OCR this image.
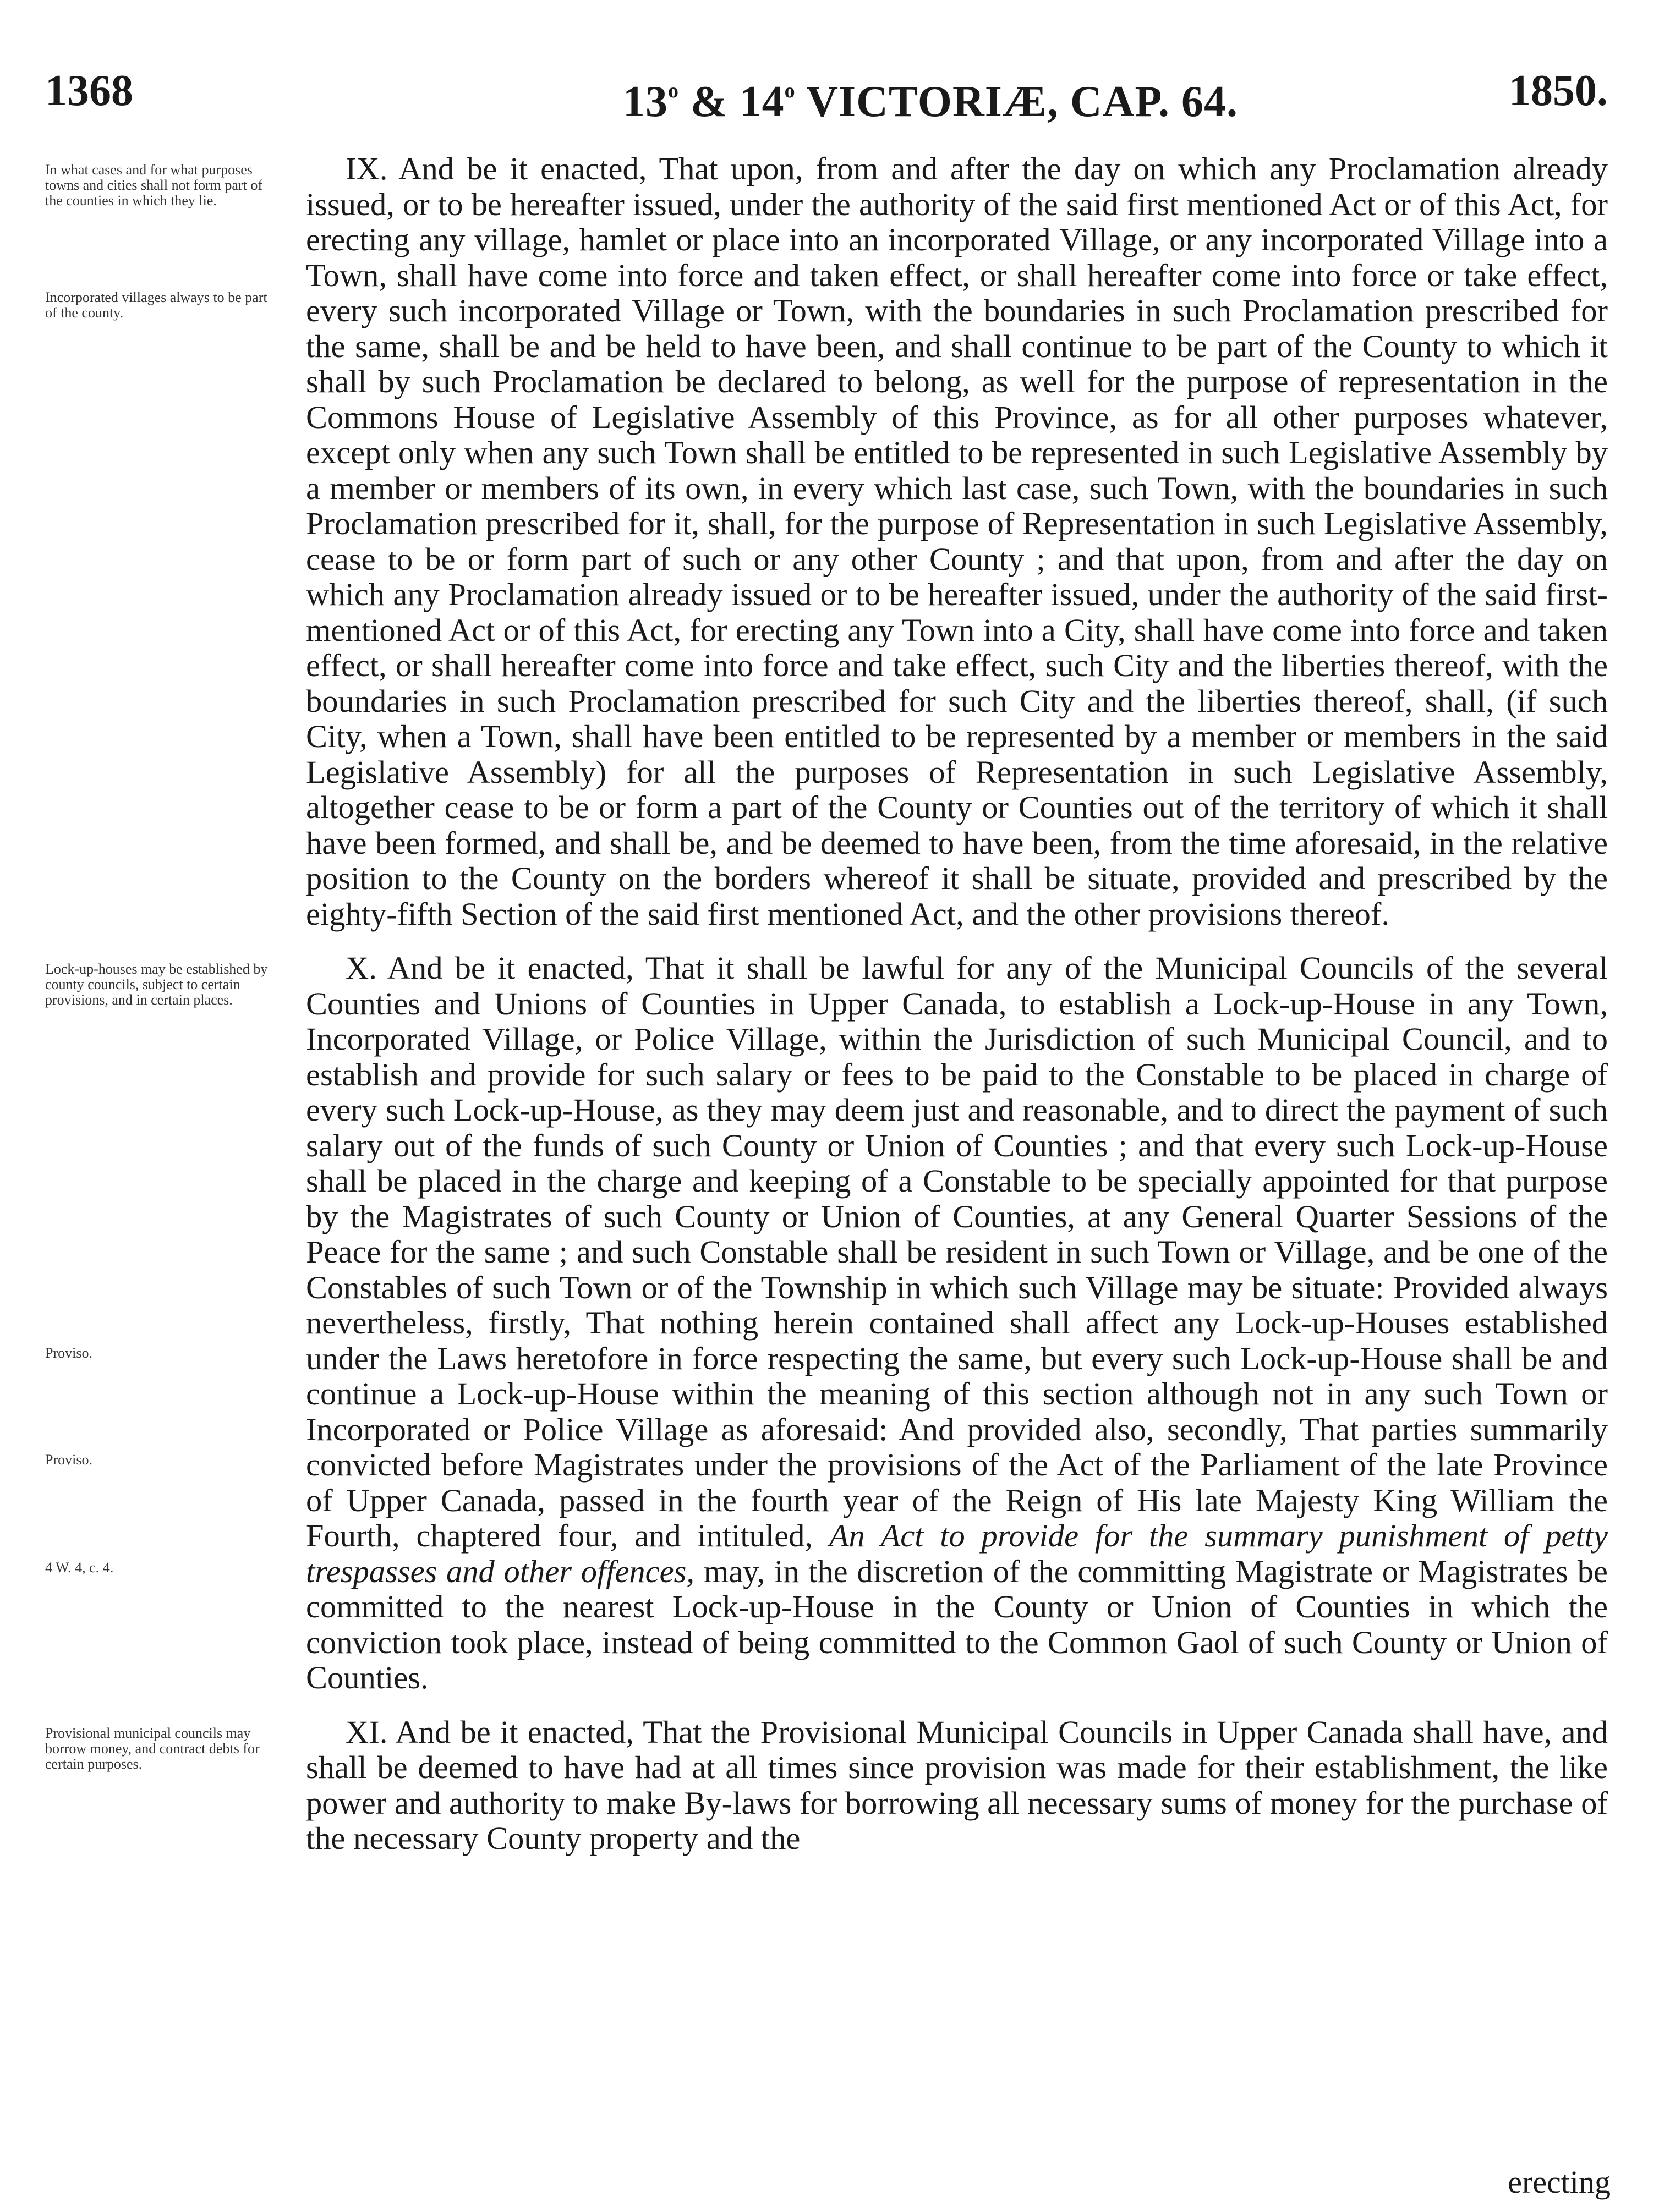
1368	13$^o$ & 14$^o$ VICTORIÆ, CAP. 64.	1850.
In what cases and for what purposes towns and cities shall not form part of the counties in which they lie.
Incorporated villages always to be part of the county.

IX. And be it enacted, That upon, from and after the day on which any Proclamation already issued, or to be hereafter issued, under the authority of the said first mentioned Act or of this Act, for erecting any village, hamlet or place into an incorporated Village, or any incorporated Village into a Town, shall have come into force and taken effect, or shall hereafter come into force or take effect, every such incorporated Village or Town, with the boundaries in such Proclamation prescribed for the same, shall be and be held to have been, and shall continue to be part of the County to which it shall by such Proclamation be declared to belong, as well for the purpose of representation in the Commons House of Legislative Assembly of this Province, as for all other purposes whatever, except only when any such Town shall be entitled to be represented in such Legislative Assembly by a member or members of its own, in every which last case, such Town, with the boundaries in such Proclamation prescribed for it, shall, for the purpose of Representation in such Legislative Assembly, cease to be or form part of such or any other County ; and that upon, from and after the day on which any Proclamation already issued or to be hereafter issued, under the authority of the said first-mentioned Act or of this Act, for erecting any Town into a City, shall have come into force and taken effect, or shall hereafter come into force and take effect, such City and the liberties thereof, with the boundaries in such Proclamation prescribed for such City and the liberties thereof, shall, (if such City, when a Town, shall have been entitled to be represented by a member or members in the said Legislative Assembly) for all the purposes of Representation in such Legislative Assembly, altogether cease to be or form a part of the County or Counties out of the territory of which it shall have been formed, and shall be, and be deemed to have been, from the time aforesaid, in the relative position to the County on the borders whereof it shall be situate, provided and prescribed by the eighty-fifth Section of the said first mentioned Act, and the other provisions thereof.

Lock-up-houses may be established by county councils, subject to certain provisions, and in certain places.
Proviso.
Proviso.
4 W. 4, c. 4.

X. And be it enacted, That it shall be lawful for any of the Municipal Councils of the several Counties and Unions of Counties in Upper Canada, to establish a Lock-up-House in any Town, Incorporated Village, or Police Village, within the Jurisdiction of such Municipal Council, and to establish and provide for such salary or fees to be paid to the Constable to be placed in charge of every such Lock-up-House, as they may deem just and reasonable, and to direct the payment of such salary out of the funds of such County or Union of Counties ; and that every such Lock-up-House shall be placed in the charge and keeping of a Constable to be specially appointed for that purpose by the Magistrates of such County or Union of Counties, at any General Quarter Sessions of the Peace for the same ; and such Constable shall be resident in such Town or Village, and be one of the Constables of such Town or of the Township in which such Village may be situate: Provided always nevertheless, firstly, That nothing herein contained shall affect any Lock-up-Houses established under the Laws heretofore in force respecting the same, but every such Lock-up-House shall be and continue a Lock-up-House within the meaning of this section although not in any such Town or Incorporated or Police Village as aforesaid: And provided also, secondly, That parties summarily convicted before Magistrates under the provisions of the Act of the Parliament of the late Province of Upper Canada, passed in the fourth year of the Reign of His late Majesty King William the Fourth, chaptered four, and intituled, An Act to provide for the summary punishment of petty trespasses and other offences, may, in the discretion of the committing Magistrate or Magistrates be committed to the nearest Lock-up-House in the County or Union of Counties in which the conviction took place, instead of being committed to the Common Gaol of such County or Union of Counties.

Provisional municipal councils may borrow money, and contract debts for certain purposes.

XI. And be it enacted, That the Provisional Municipal Councils in Upper Canada shall have, and shall be deemed to have had at all times since provision was made for their establishment, the like power and authority to make By-laws for borrowing all necessary sums of money for the purchase of the necessary County property and the

erecting
